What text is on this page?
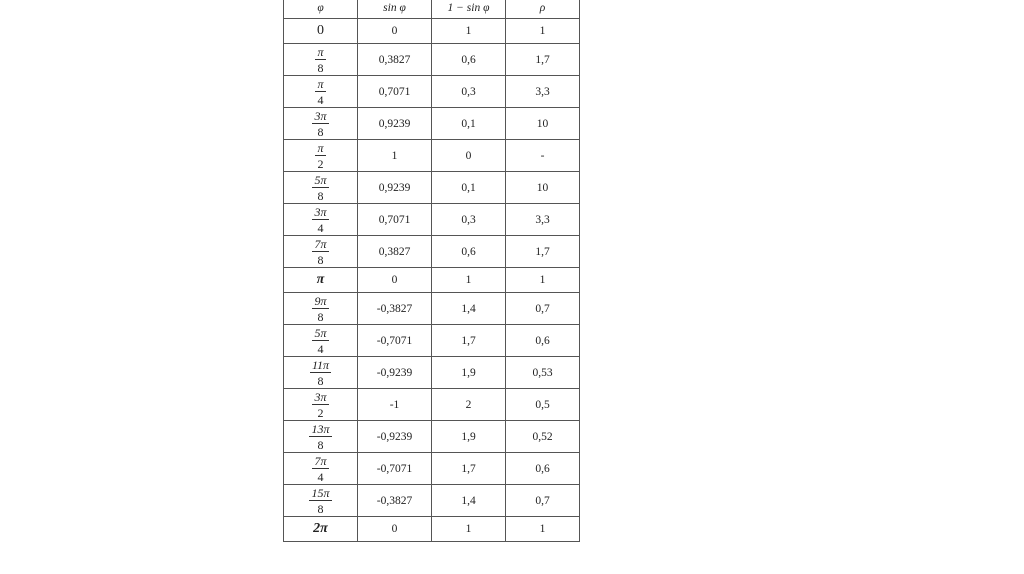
φ	sin φ	1 − sin φ	ρ
0	0	1	1

$\frac{\pi}{8}$	0,3827	0,6	1,7

$\frac{\pi}{4}$	0,7071	0,3	3,3

$\frac{3\pi}{8}$	0,9239	0,1	10

$\frac{\pi}{2}$	1	0	-

$\frac{5\pi}{8}$	0,9239	0,1	10

$\frac{3\pi}{4}$	0,7071	0,3	3,3

$\frac{7\pi}{8}$	0,3827	0,6	1,7
π	0	1	1

$\frac{9\pi}{8}$	-0,3827	1,4	0,7

$\frac{5\pi}{4}$	-0,7071	1,7	0,6

$\frac{11\pi}{8}$	-0,9239	1,9	0,53

$\frac{3\pi}{2}$	-1	2	0,5

$\frac{13\pi}{8}$	-0,9239	1,9	0,52

$\frac{7\pi}{4}$	-0,7071	1,7	0,6

$\frac{15\pi}{8}$	-0,3827	1,4	0,7
2π	0	1	1
